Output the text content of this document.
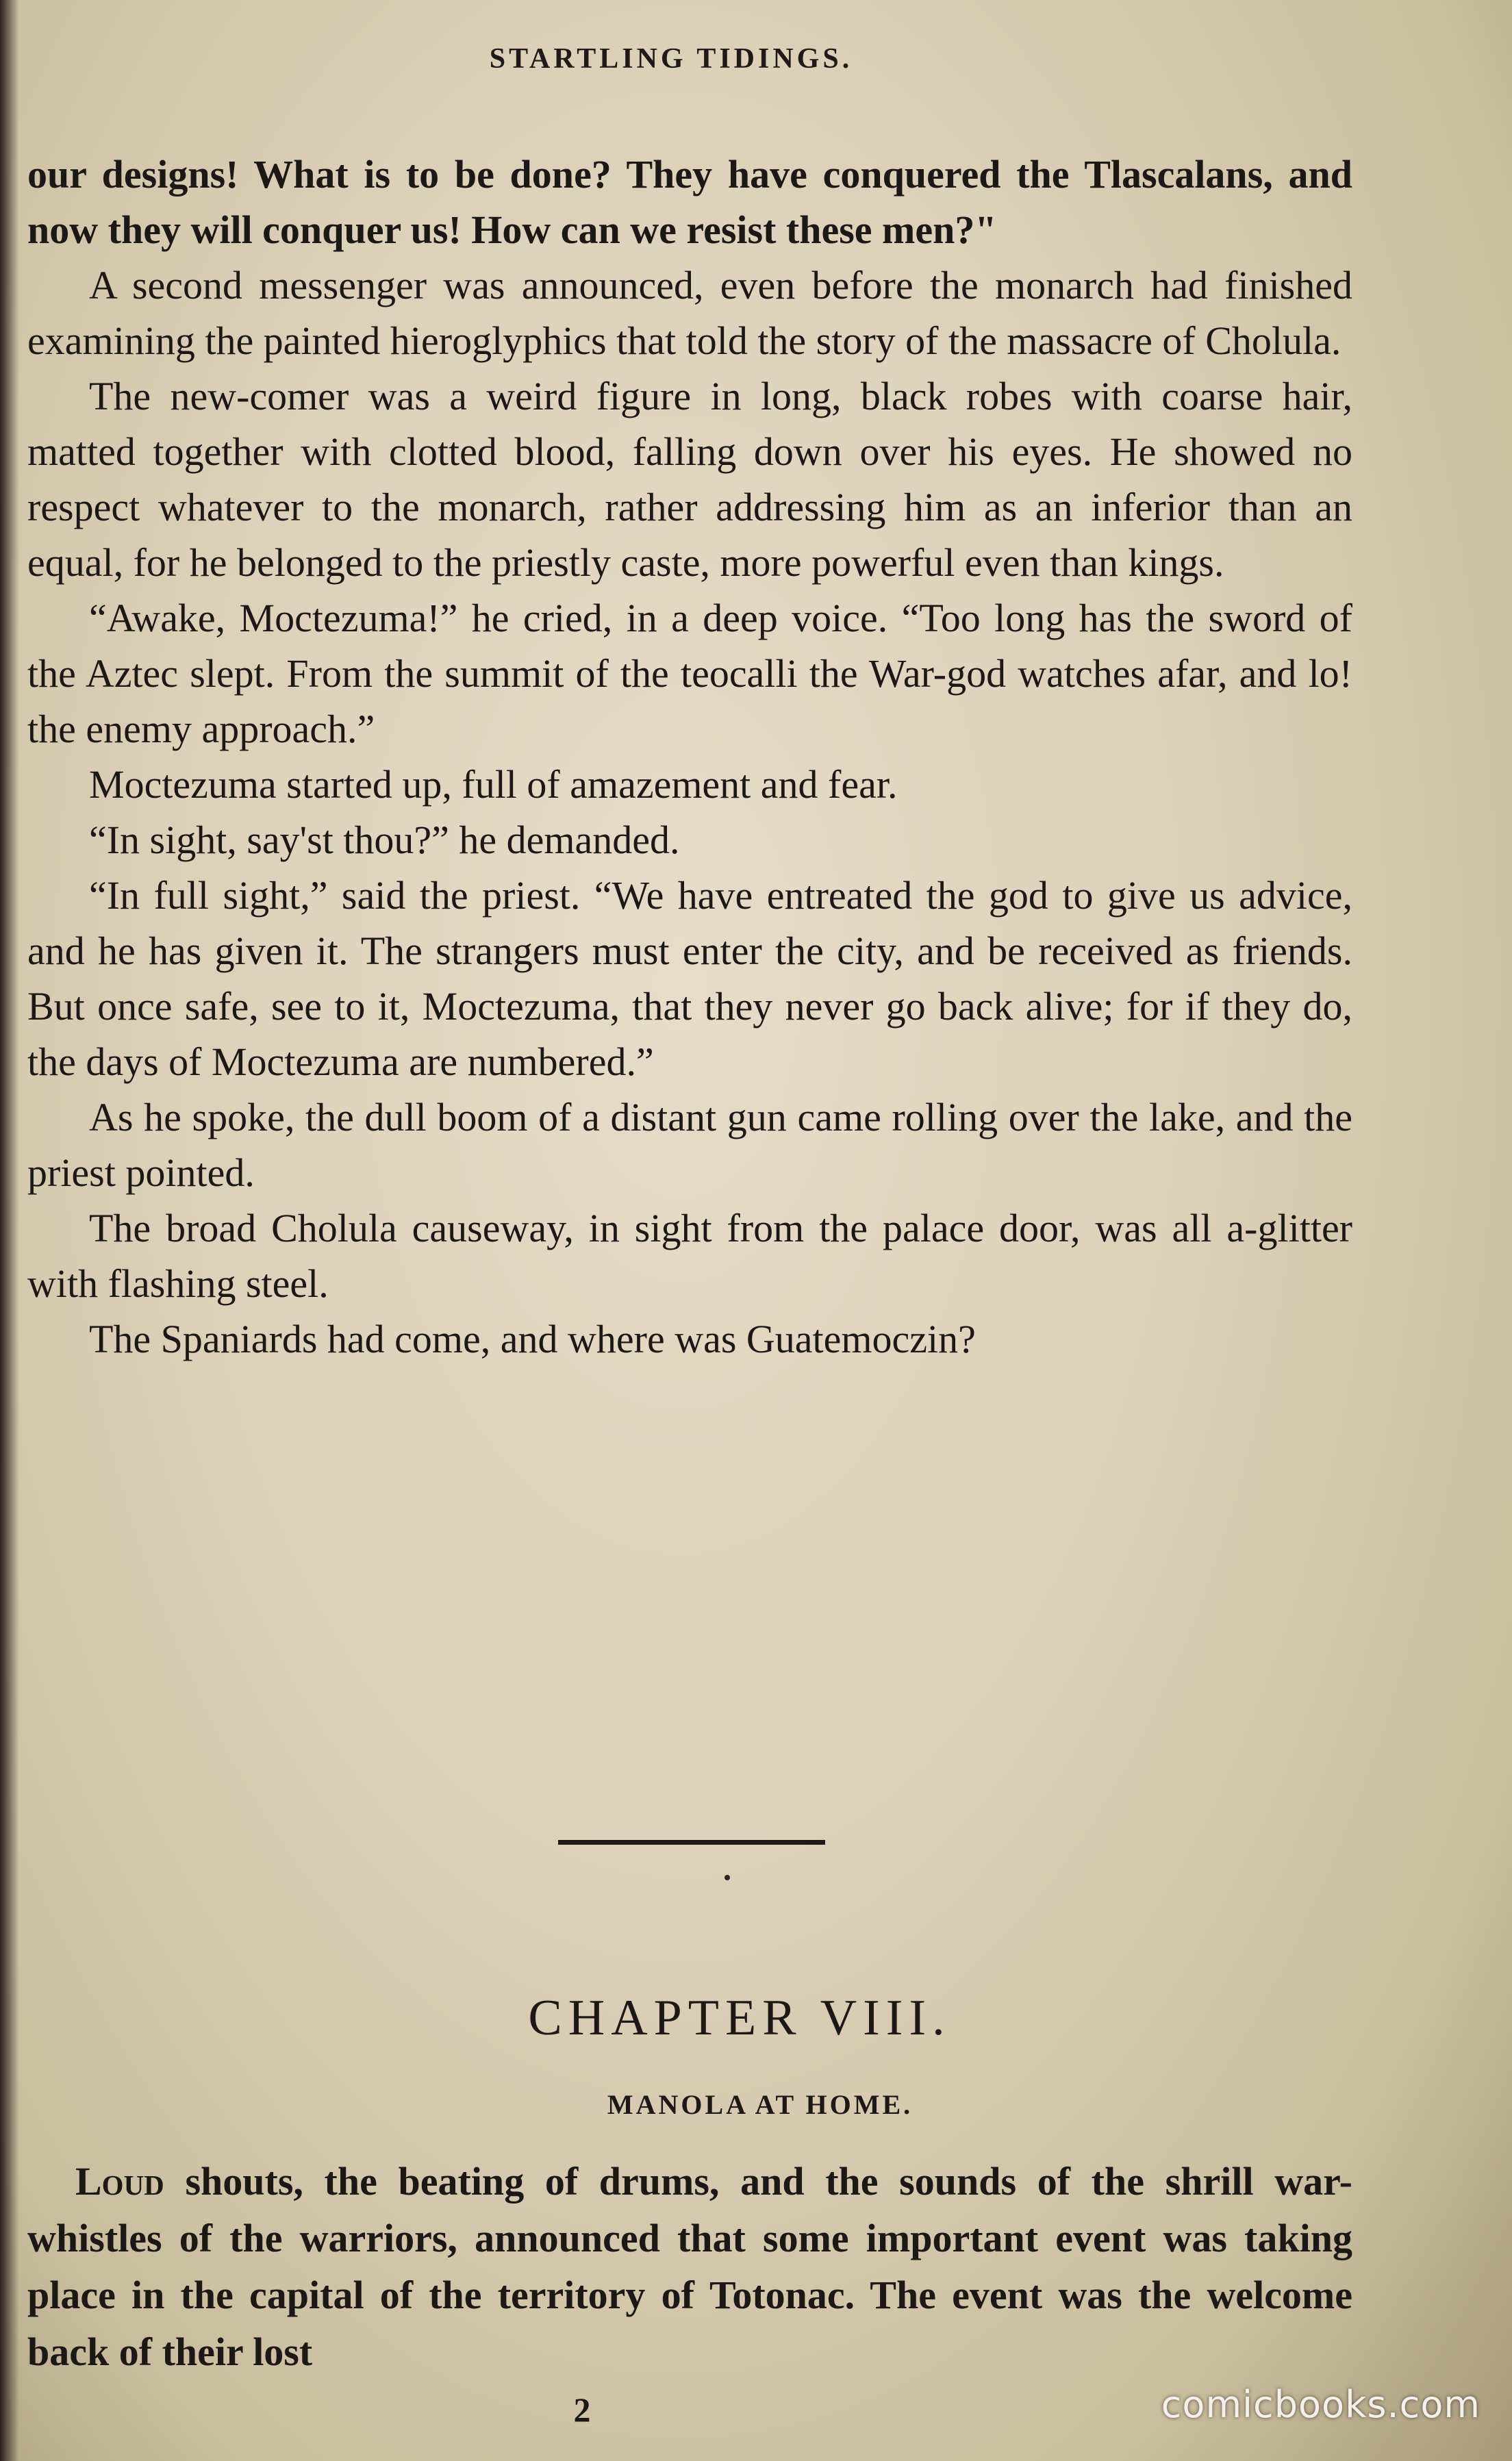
STARTLING TIDINGS.

our designs! What is to be done? They have conquered the Tlascalans, and now they will conquer us! How can we resist these men?"

A second messenger was announced, even before the monarch had finished examining the painted hieroglyphics that told the story of the massacre of Cholula.

The new-comer was a weird figure in long, black robes with coarse hair, matted together with clotted blood, falling down over his eyes. He showed no respect whatever to the monarch, rather addressing him as an inferior than an equal, for he belonged to the priestly caste, more powerful even than kings.

“Awake, Moctezuma!” he cried, in a deep voice. “Too long has the sword of the Aztec slept. From the summit of the teocalli the War-god watches afar, and lo! the enemy approach.”

Moctezuma started up, full of amazement and fear.

“In sight, say'st thou?” he demanded.

“In full sight,” said the priest. “We have entreated the god to give us advice, and he has given it. The strangers must enter the city, and be received as friends. But once safe, see to it, Moctezuma, that they never go back alive; for if they do, the days of Moctezuma are numbered.”

As he spoke, the dull boom of a distant gun came rolling over the lake, and the priest pointed.

The broad Cholula causeway, in sight from the palace door, was all a-glitter with flashing steel.

The Spaniards had come, and where was Guatemoczin?

CHAPTER VIII.
MANOLA AT HOME.

Loud shouts, the beating of drums, and the sounds of the shrill war-whistles of the warriors, announced that some important event was taking place in the capital of the territory of Totonac. The event was the welcome back of their lost

2	comicbooks.com
